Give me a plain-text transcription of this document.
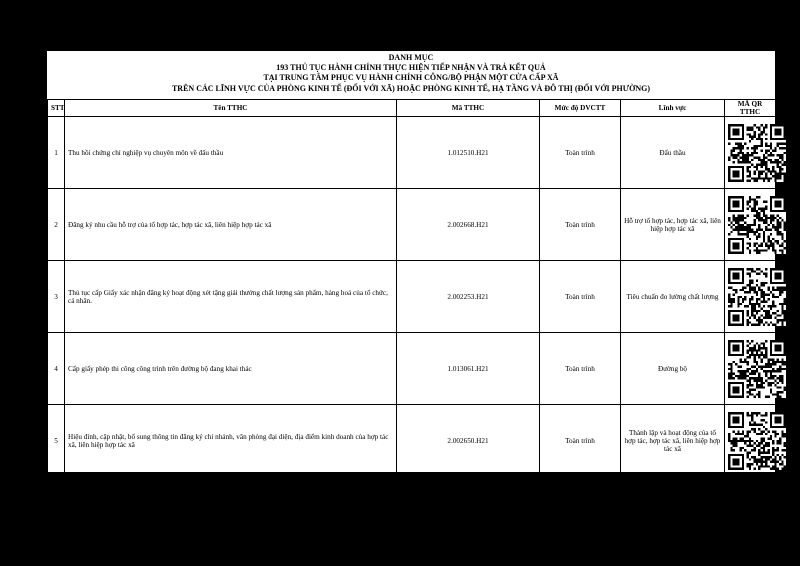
DANH MỤC
193 THỦ TỤC HÀNH CHÍNH THỰC HIỆN TIẾP NHẬN VÀ TRẢ KẾT QUẢ
TẠI TRUNG TÂM PHỤC VỤ HÀNH CHÍNH CÔNG/BỘ PHẬN MỘT CỬA CẤP XÃ
TRÊN CÁC LĨNH VỰC CỦA PHÒNG KINH TẾ (ĐỐI VỚI XÃ) HOẶC PHÒNG KINH TẾ, HẠ TẦNG VÀ ĐÔ THỊ (ĐỐI VỚI PHƯỜNG)
STT	Tên TTHC	Mã TTHC	Mức độ DVCTT	Lĩnh vực	MÃ QR TTHC
1	Thu hồi chứng chỉ nghiệp vụ chuyên môn về đấu thầu	1.012510.H21	Toàn trình	Đấu thầu	
2	Đăng ký nhu cầu hỗ trợ của tổ hợp tác, hợp tác xã, liên hiệp hợp tác xã	2.002668.H21	Toàn trình	Hỗ trợ tổ hợp tác, hợp tác xã, liên hiệp hợp tác xã	
3	Thủ tục cấp Giấy xác nhận đăng ký hoạt động xét tặng giải thưởng chất lượng sản phẩm, hàng hoá của tổ chức, cá nhân.	2.002253.H21	Toàn trình	Tiêu chuẩn đo lường chất lượng	
4	Cấp giấy phép thi công công trình trên đường bộ đang khai thác	1.013061.H21	Toàn trình	Đường bộ	
5	Hiệu đính, cập nhật, bổ sung thông tin đăng ký chi nhánh, văn phòng đại diện, địa điểm kinh doanh của hợp tác xã, liên hiệp hợp tác xã	2.002650.H21	Toàn trình	Thành lập và hoạt động của tổ hợp tác, hợp tác xã, liên hiệp hợp tác xã	
